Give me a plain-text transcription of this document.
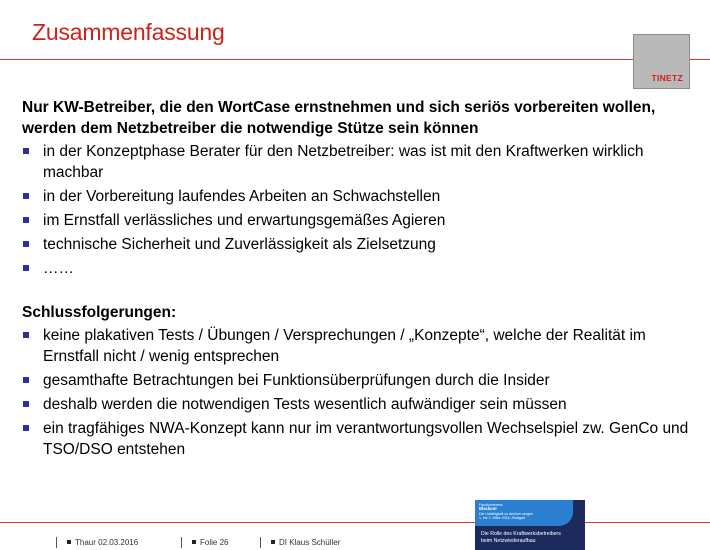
Zusammenfassung
TINETZ
Nur KW-Betreiber, die den WortCase ernstnehmen und sich seriös vorbereiten wollen, werden dem Netzbetreiber die notwendige Stütze sein können
in der Konzeptphase Berater für den Netzbetreiber: was ist mit den Kraftwerken wirklich machbar
in der Vorbereitung laufendes Arbeiten an Schwachstellen
im Ernstfall verlässliches und erwartungsgemäßes Agieren
technische Sicherheit und Zuverlässigkeit als Zielsetzung
……
Schlussfolgerungen:
keine plakativen Tests / Übungen / Versprechungen / „Konzepte“, welche der Realität im Ernstfall nicht / wenig entsprechen
gesamthafte Betrachtungen bei Funktionsüberprüfungen durch die Insider
deshalb werden die notwendigen Tests wesentlich aufwändiger sein müssen
ein tragfähiges NWA-Konzept kann nur im verantwortungsvollen Wechselspiel zw. GenCo und TSO/DSO entstehen
Thaur 02.03.2016	Folie 26	DI Klaus Schüller
Fachkonferenz
Blackout
Die Unfähigkeit zu denken sorgen
1. bis 2. März 2016, Stuttgart
Die Rolle des Kraftwerksbetreibers
beim Netzwiederaufbau
